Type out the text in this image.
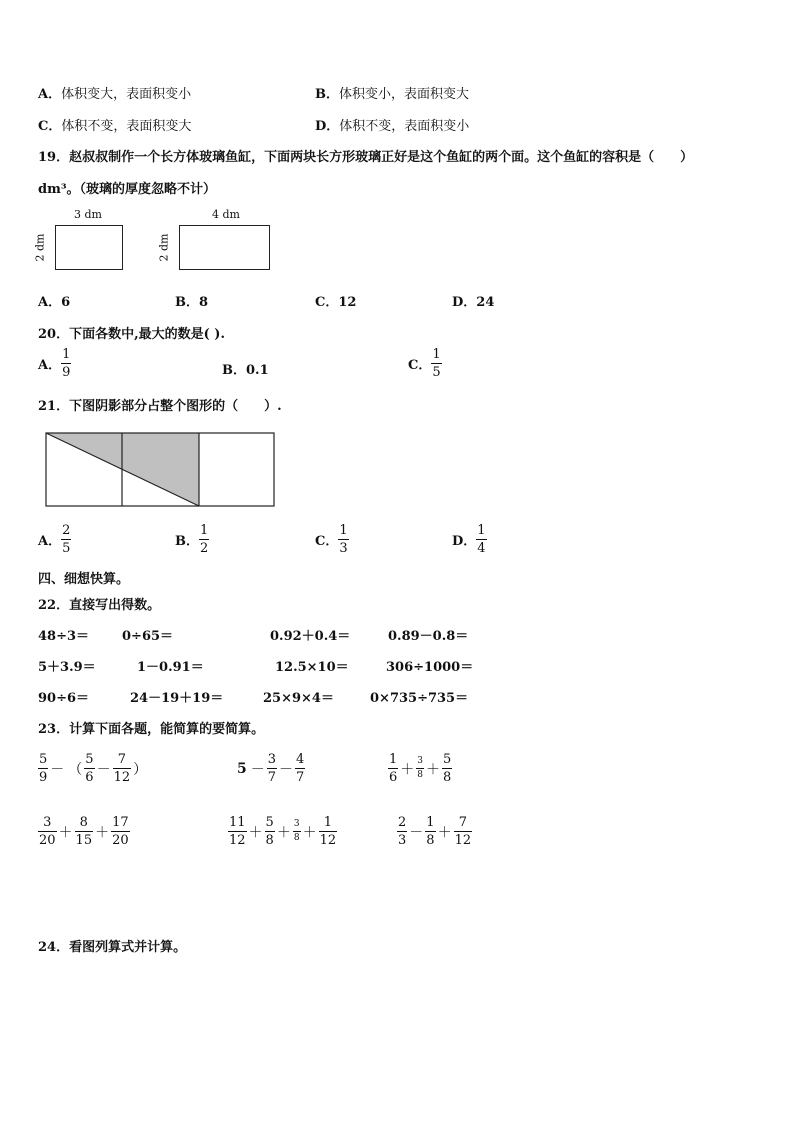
A．体积变大，表面积变小	B．体积变小，表面积变大
C．体积不变，表面积变大	D．体积不变，表面积变小
19．赵叔叔制作一个长方体玻璃鱼缸，下面两块长方形玻璃正好是这个鱼缸的两个面。这个鱼缸的容积是（　　）
dm³。（玻璃的厚度忽略不计）
3 dm
2 dm
4 dm
2 dm
A．6	B．8	C．12	D．24
20．下面各数中,最大的数是( ).
A． $\frac{1}{9}$	B．0.1	C． $\frac{1}{5}$
21．下图阴影部分占整个图形的（　　）.
A． $\frac{2}{5}$	B． $\frac{1}{2}$	C． $\frac{1}{3}$	D． $\frac{1}{4}$
四、细想快算。
22．直接写出得数。
48÷3＝	0÷65＝	0.92＋0.4＝	0.89－0.8＝
5＋3.9＝	1－0.91＝	12.5×10＝	306÷1000＝
90÷6＝	24－19＋19＝	25×9×4＝	0×735÷735＝
23．计算下面各题，能简算的要简算。
$\frac{5}{9}$ － （ $\frac{5}{6} - \frac{7}{12}$ ）	$5 - \frac{3}{7} - \frac{4}{7}$	$\frac{1}{6} + \frac{3}{8} + \frac{5}{8}$
$\frac{3}{20} + \frac{8}{15} + \frac{17}{20}$	$\frac{11}{12} + \frac{5}{8} + \frac{3}{8} + \frac{1}{12}$	$\frac{2}{3} - \frac{1}{8} + \frac{7}{12}$
24．看图列算式并计算。
